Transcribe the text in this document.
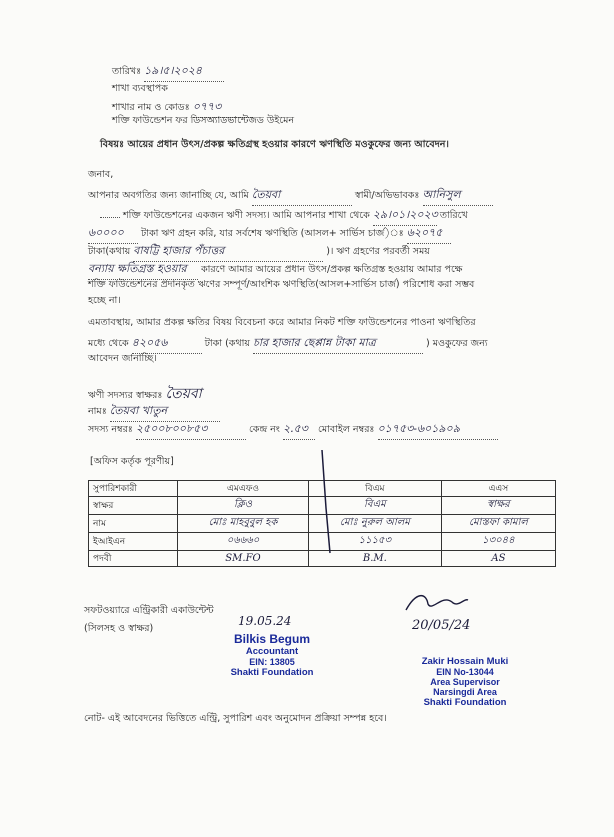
তারিখঃ ১৯।৫।২০২৪
শাখা ব্যবস্থাপক
শাখার নাম ও কোডঃ ০৭৭৩
শক্তি ফাউন্ডেশন ফর ডিসঅ্যাডভান্টেজড উইমেন
বিষয়ঃ আয়ের প্রধান উৎস/প্রকল্প ক্ষতিগ্রস্থ হওয়ার কারণে ঋণস্থিতি মওকুফের জন্য আবেদন।
জনাব,
আপনার অবগতির জন্য জানাচ্ছি যে, আমি তৈয়বা	স্বামী/অভিভাবকঃ আনিসুল
শক্তি ফাউন্ডেশনের একজন ঋণী সদস্য। আমি আপনার শাখা থেকে ২৯।০১।২০২৩ তারিখে
৬০০০০ টাকা ঋণ গ্রহন করি, যার সর্বশেষ ঋণস্থিতি (আসল+ সার্ভিস চার্জ)ঃ ৬২০৭৫
টাকা(কথায় বাষট্টি হাজার পঁচাত্তর	)। ঋণ গ্রহণের পরবর্তী সময়
বন্যায় ক্ষতিগ্রস্ত হওয়ার কারণে আমার আয়ের প্রধান উৎস/প্রকল্প ক্ষতিগ্রস্ত হওয়ায় আমার পক্ষে
শক্তি ফাউন্ডেশনের প্রদানকৃত ঋণের সম্পূর্ণ/আংশিক ঋণস্থিতি(আসল+সার্ভিস চার্জ) পরিশোধ করা সম্ভব
হচ্ছে না।
এমতাবস্থায়, আমার প্রকল্প ক্ষতির বিষয় বিবেচনা করে আমার নিকট শক্তি ফাউন্ডেশনের পাওনা ঋণস্থিতির
মধ্যে থেকে ৪২০৫৬	টাকা (কথায় চার হাজার ছেপ্পান্ন টাকা মাত্র	) মওকুফের জন্য
আবেদন জানাচ্ছি।
ঋণী সদস্যর স্বাক্ষরঃ তৈয়বা
নামঃ তৈয়বা খাতুন
সদস্য নম্বরঃ ২৫০০৮০০৮৫৩	কেন্দ্র নং ২.৫৩ মোবাইল নম্বরঃ ০১৭৫৩-৬০১৯০৯
[অফিস কর্তৃক পূরণীয়]
সুপারিশকারী	এমএফও	বিএম	এএস
স্বাক্ষর	ক্লিও	বিএম	স্বাক্ষর
নাম	মোঃ মাহবুবুল হক	মোঃ নুরুল আলম	মোস্তফা কামাল
ইআইএন	০৬৬৬০	১১১৫৩	১৩০৪৪
পদবী	SM.FO	B.M.	AS
সফটওয়্যারে এন্ট্রিকারী একাউন্টেন্ট
(সিলসহ ও স্বাক্ষর)
19.05.24
Bilkis Begum
Accountant
EIN: 13805
Shakti Foundation
20/05/24
Zakir Hossain Muki
EIN No-13044
Area Supervisor
Narsingdi Area
Shakti Foundation
নোট- এই আবেদনের ভিত্তিতে এন্ট্রি, সুপারিশ এবং অনুমোদন প্রক্রিয়া সম্পন্ন হবে।
